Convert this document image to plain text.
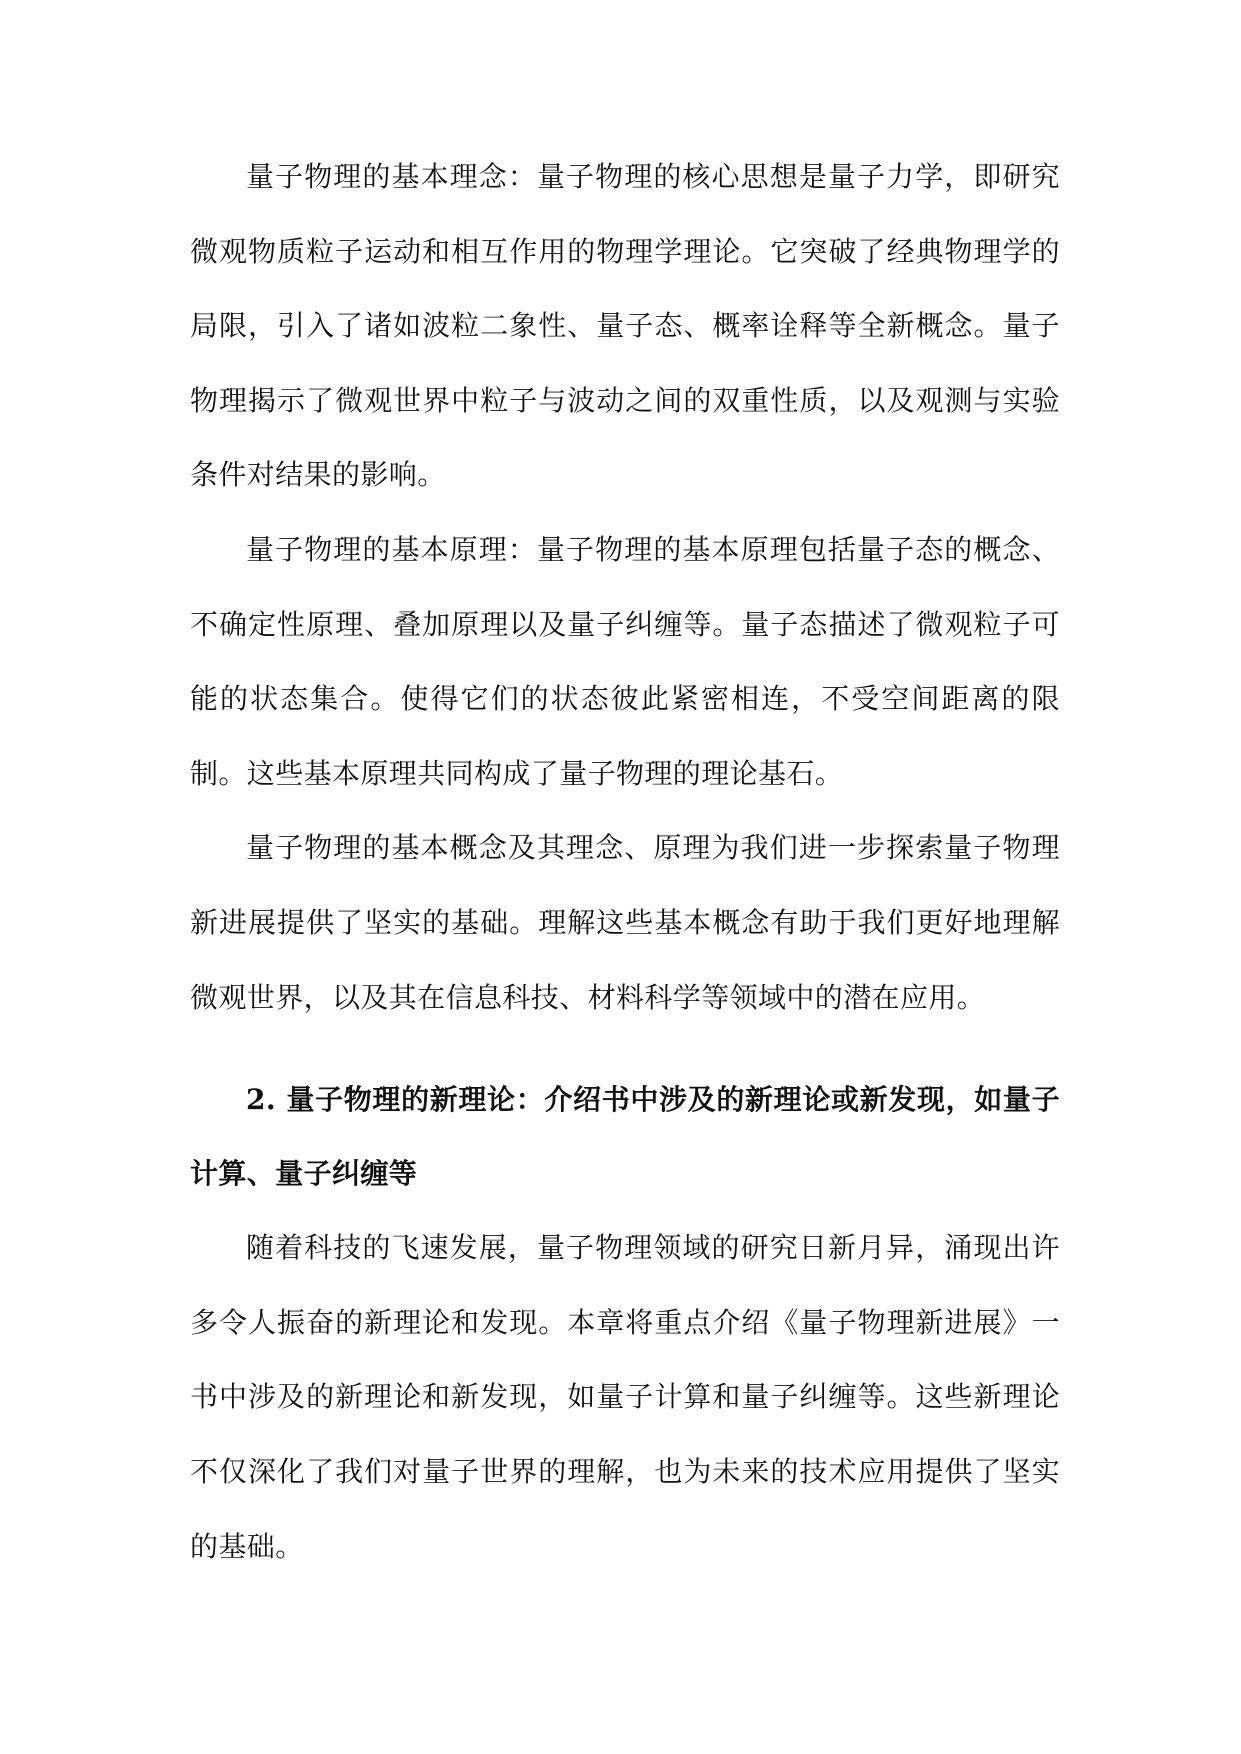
量子物理的基本理念：量子物理的核心思想是量子力学，即研究微观物质粒子运动和相互作用的物理学理论。它突破了经典物理学的局限，引入了诸如波粒二象性、量子态、概率诠释等全新概念。量子物理揭示了微观世界中粒子与波动之间的双重性质，以及观测与实验条件对结果的影响。

量子物理的基本原理：量子物理的基本原理包括量子态的概念、不确定性原理、叠加原理以及量子纠缠等。量子态描述了微观粒子可能的状态集合。使得它们的状态彼此紧密相连，不受空间距离的限制。这些基本原理共同构成了量子物理的理论基石。

量子物理的基本概念及其理念、原理为我们进一步探索量子物理新进展提供了坚实的基础。理解这些基本概念有助于我们更好地理解微观世界，以及其在信息科技、材料科学等领域中的潜在应用。

2. 量子物理的新理论：介绍书中涉及的新理论或新发现，如量子计算、量子纠缠等

随着科技的飞速发展，量子物理领域的研究日新月异，涌现出许多令人振奋的新理论和发现。本章将重点介绍《量子物理新进展》一书中涉及的新理论和新发现，如量子计算和量子纠缠等。这些新理论不仅深化了我们对量子世界的理解，也为未来的技术应用提供了坚实的基础。
